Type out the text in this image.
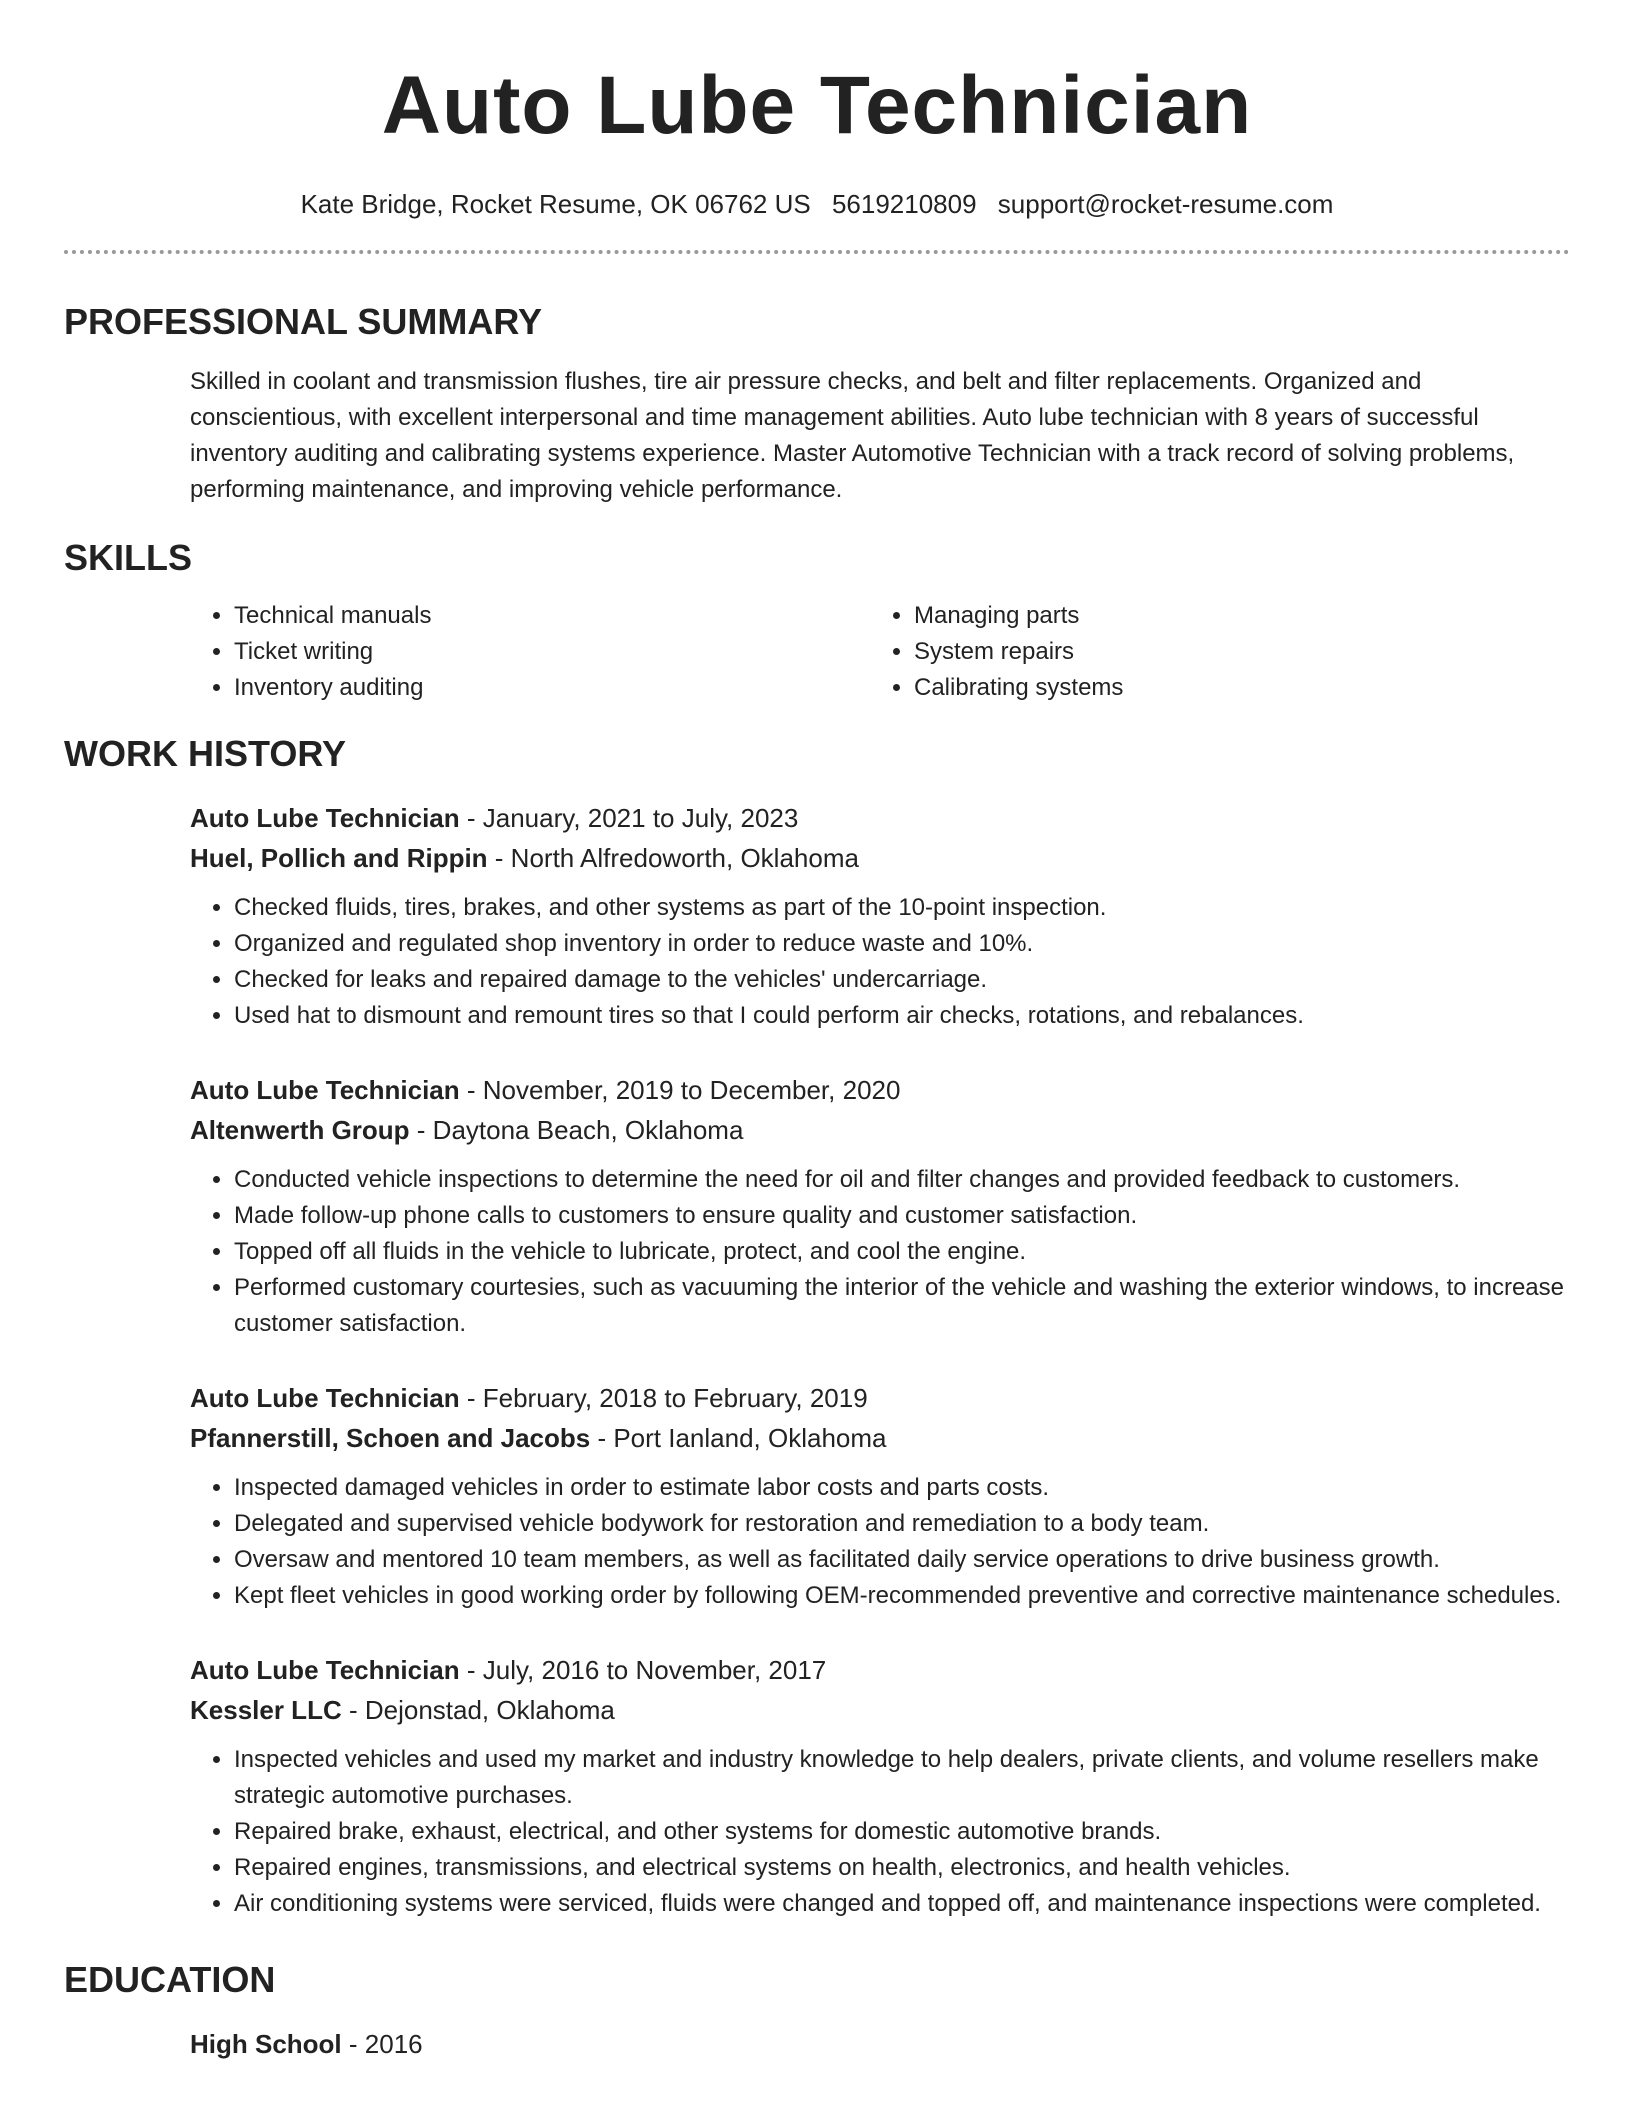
Auto Lube Technician
Kate Bridge, Rocket Resume, OK 06762 US 5619210809 support@rocket-resume.com
PROFESSIONAL SUMMARY
Skilled in coolant and transmission flushes, tire air pressure checks, and belt and filter replacements. Organized and conscientious, with excellent interpersonal and time management abilities. Auto lube technician with 8 years of successful inventory auditing and calibrating systems experience. Master Automotive Technician with a track record of solving problems, performing maintenance, and improving vehicle performance.
SKILLS
• Technical manuals
• Ticket writing
• Inventory auditing
• Managing parts
• System repairs
• Calibrating systems
WORK HISTORY
Auto Lube Technician - January, 2021 to July, 2023
Huel, Pollich and Rippin - North Alfredoworth, Oklahoma
• Checked fluids, tires, brakes, and other systems as part of the 10-point inspection.
• Organized and regulated shop inventory in order to reduce waste and 10%.
• Checked for leaks and repaired damage to the vehicles' undercarriage.
• Used hat to dismount and remount tires so that I could perform air checks, rotations, and rebalances.
Auto Lube Technician - November, 2019 to December, 2020
Altenwerth Group - Daytona Beach, Oklahoma
• Conducted vehicle inspections to determine the need for oil and filter changes and provided feedback to customers.
• Made follow-up phone calls to customers to ensure quality and customer satisfaction.
• Topped off all fluids in the vehicle to lubricate, protect, and cool the engine.
• Performed customary courtesies, such as vacuuming the interior of the vehicle and washing the exterior windows, to increase customer satisfaction.
Auto Lube Technician - February, 2018 to February, 2019
Pfannerstill, Schoen and Jacobs - Port Ianland, Oklahoma
• Inspected damaged vehicles in order to estimate labor costs and parts costs.
• Delegated and supervised vehicle bodywork for restoration and remediation to a body team.
• Oversaw and mentored 10 team members, as well as facilitated daily service operations to drive business growth.
• Kept fleet vehicles in good working order by following OEM-recommended preventive and corrective maintenance schedules.
Auto Lube Technician - July, 2016 to November, 2017
Kessler LLC - Dejonstad, Oklahoma
• Inspected vehicles and used my market and industry knowledge to help dealers, private clients, and volume resellers make strategic automotive purchases.
• Repaired brake, exhaust, electrical, and other systems for domestic automotive brands.
• Repaired engines, transmissions, and electrical systems on health, electronics, and health vehicles.
• Air conditioning systems were serviced, fluids were changed and topped off, and maintenance inspections were completed.
EDUCATION
High School - 2016
